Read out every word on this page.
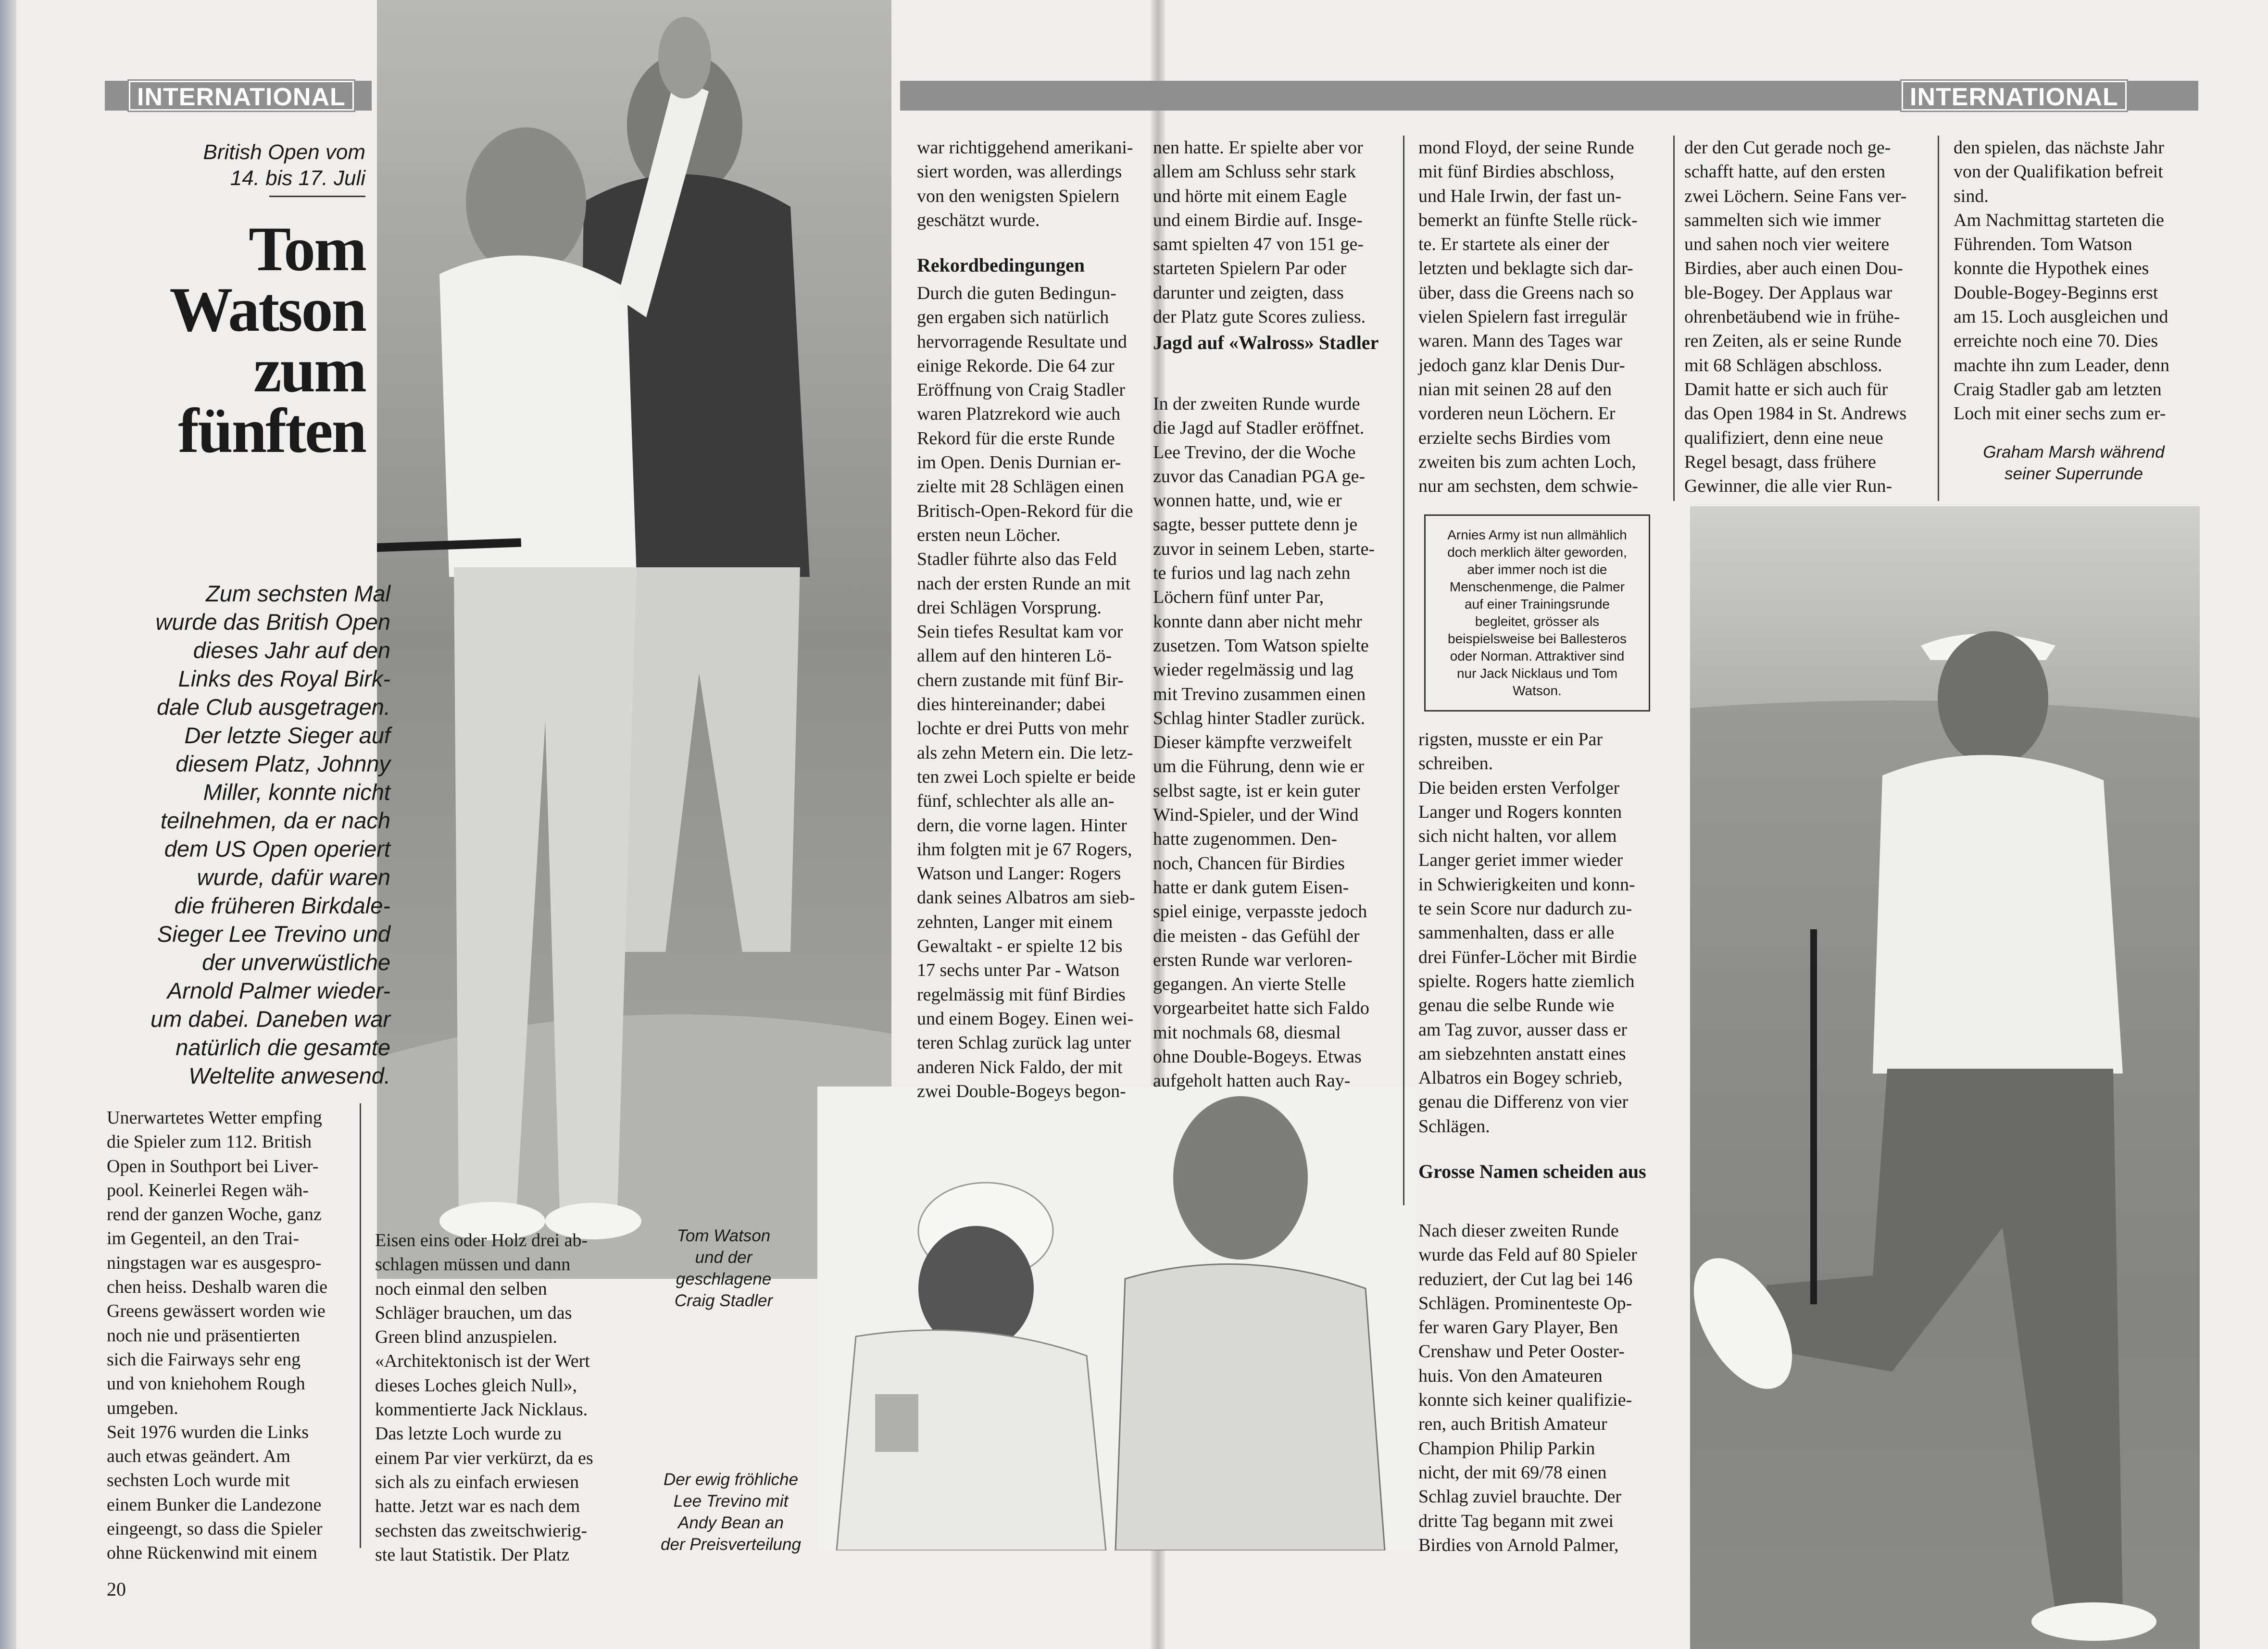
INTERNATIONAL

British Open vom
14. bis 17. Juli

Tom
Watson
zum
fünften

Zum sechsten Mal
wurde das British Open
dieses Jahr auf den
Links des Royal Birk-
dale Club ausgetragen.
Der letzte Sieger auf
diesem Platz, Johnny
Miller, konnte nicht
teilnehmen, da er nach
dem US Open operiert
wurde, dafür waren
die früheren Birkdale-
Sieger Lee Trevino und
der unverwüstliche
Arnold Palmer wieder-
um dabei. Daneben war
natürlich die gesamte
Weltelite anwesend.

Unerwartetes Wetter empfing
die Spieler zum 112. British
Open in Southport bei Liver-
pool. Keinerlei Regen wäh-
rend der ganzen Woche, ganz
im Gegenteil, an den Trai-
ningstagen war es ausgespro-
chen heiss. Deshalb waren die
Greens gewässert worden wie
noch nie und präsentierten
sich die Fairways sehr eng
und von kniehohem Rough
umgeben.
Seit 1976 wurden die Links
auch etwas geändert. Am
sechsten Loch wurde mit
einem Bunker die Landezone
eingeengt, so dass die Spieler
ohne Rückenwind mit einem

Eisen eins oder Holz drei ab-
schlagen müssen und dann
noch einmal den selben
Schläger brauchen, um das
Green blind anzuspielen.
«Architektonisch ist der Wert
dieses Loches gleich Null»,
kommentierte Jack Nicklaus.
Das letzte Loch wurde zu
einem Par vier verkürzt, da es
sich als zu einfach erwiesen
hatte. Jetzt war es nach dem
sechsten das zweitschwierig-
ste laut Statistik. Der Platz

Tom Watson
und der
geschlagene
Craig Stadler

Der ewig fröhliche
Lee Trevino mit
Andy Bean an
der Preisverteilung

war richtiggehend amerikani-
siert worden, was allerdings
von den wenigsten Spielern
geschätzt wurde.

Rekordbedingungen

Durch die guten Bedingun-
gen ergaben sich natürlich
hervorragende Resultate und
einige Rekorde. Die 64 zur
Eröffnung von Craig Stadler
waren Platzrekord wie auch
Rekord für die erste Runde
im Open. Denis Durnian er-
zielte mit 28 Schlägen einen
Britisch-Open-Rekord für die
ersten neun Löcher.
Stadler führte also das Feld
nach der ersten Runde an mit
drei Schlägen Vorsprung.
Sein tiefes Resultat kam vor
allem auf den hinteren Lö-
chern zustande mit fünf Bir-
dies hintereinander; dabei
lochte er drei Putts von mehr
als zehn Metern ein. Die letz-
ten zwei Loch spielte er beide
fünf, schlechter als alle an-
dern, die vorne lagen. Hinter
ihm folgten mit je 67 Rogers,
Watson und Langer: Rogers
dank seines Albatros am sieb-
zehnten, Langer mit einem
Gewaltakt - er spielte 12 bis
17 sechs unter Par - Watson
regelmässig mit fünf Birdies
und einem Bogey. Einen wei-
teren Schlag zurück lag unter
anderen Nick Faldo, der mit
zwei Double-Bogeys begon-

20
INTERNATIONAL

nen hatte. Er spielte aber vor
allem am Schluss sehr stark
und hörte mit einem Eagle
und einem Birdie auf. Insge-
samt spielten 47 von 151 ge-
starteten Spielern Par oder
darunter und zeigten, dass
der Platz gute Scores zuliess.

Jagd auf «Walross» Stadler

In der zweiten Runde wurde
die Jagd auf Stadler eröffnet.
Lee Trevino, der die Woche
zuvor das Canadian PGA ge-
wonnen hatte, und, wie er
sagte, besser puttete denn je
zuvor in seinem Leben, starte-
te furios und lag nach zehn
Löchern fünf unter Par,
konnte dann aber nicht mehr
zusetzen. Tom Watson spielte
wieder regelmässig und lag
mit Trevino zusammen einen
Schlag hinter Stadler zurück.
Dieser kämpfte verzweifelt
um die Führung, denn wie er
selbst sagte, ist er kein guter
Wind-Spieler, und der Wind
hatte zugenommen. Den-
noch, Chancen für Birdies
hatte er dank gutem Eisen-
spiel einige, verpasste jedoch
die meisten - das Gefühl der
ersten Runde war verloren-
gegangen. An vierte Stelle
vorgearbeitet hatte sich Faldo
mit nochmals 68, diesmal
ohne Double-Bogeys. Etwas
aufgeholt hatten auch Ray-

mond Floyd, der seine Runde
mit fünf Birdies abschloss,
und Hale Irwin, der fast un-
bemerkt an fünfte Stelle rück-
te. Er startete als einer der
letzten und beklagte sich dar-
über, dass die Greens nach so
vielen Spielern fast irregulär
waren. Mann des Tages war
jedoch ganz klar Denis Dur-
nian mit seinen 28 auf den
vorderen neun Löchern. Er
erzielte sechs Birdies vom
zweiten bis zum achten Loch,
nur am sechsten, dem schwie-

Arnies Army ist nun allmählich
doch merklich älter geworden,
aber immer noch ist die
Menschenmenge, die Palmer
auf einer Trainingsrunde
begleitet, grösser als
beispielsweise bei Ballesteros
oder Norman. Attraktiver sind
nur Jack Nicklaus und Tom
Watson.

rigsten, musste er ein Par
schreiben.
Die beiden ersten Verfolger
Langer und Rogers konnten
sich nicht halten, vor allem
Langer geriet immer wieder
in Schwierigkeiten und konn-
te sein Score nur dadurch zu-
sammenhalten, dass er alle
drei Fünfer-Löcher mit Birdie
spielte. Rogers hatte ziemlich
genau die selbe Runde wie
am Tag zuvor, ausser dass er
am siebzehnten anstatt eines
Albatros ein Bogey schrieb,
genau die Differenz von vier
Schlägen.

Grosse Namen scheiden aus

Nach dieser zweiten Runde
wurde das Feld auf 80 Spieler
reduziert, der Cut lag bei 146
Schlägen. Prominenteste Op-
fer waren Gary Player, Ben
Crenshaw und Peter Ooster-
huis. Von den Amateuren
konnte sich keiner qualifizie-
ren, auch British Amateur
Champion Philip Parkin
nicht, der mit 69/78 einen
Schlag zuviel brauchte. Der
dritte Tag begann mit zwei
Birdies von Arnold Palmer,

der den Cut gerade noch ge-
schafft hatte, auf den ersten
zwei Löchern. Seine Fans ver-
sammelten sich wie immer
und sahen noch vier weitere
Birdies, aber auch einen Dou-
ble-Bogey. Der Applaus war
ohrenbetäubend wie in frühe-
ren Zeiten, als er seine Runde
mit 68 Schlägen abschloss.
Damit hatte er sich auch für
das Open 1984 in St. Andrews
qualifiziert, denn eine neue
Regel besagt, dass frühere
Gewinner, die alle vier Run-

den spielen, das nächste Jahr
von der Qualifikation befreit
sind.
Am Nachmittag starteten die
Führenden. Tom Watson
konnte die Hypothek eines
Double-Bogey-Beginns erst
am 15. Loch ausgleichen und
erreichte noch eine 70. Dies
machte ihn zum Leader, denn
Craig Stadler gab am letzten
Loch mit einer sechs zum er-

Graham Marsh während
seiner Superrunde
